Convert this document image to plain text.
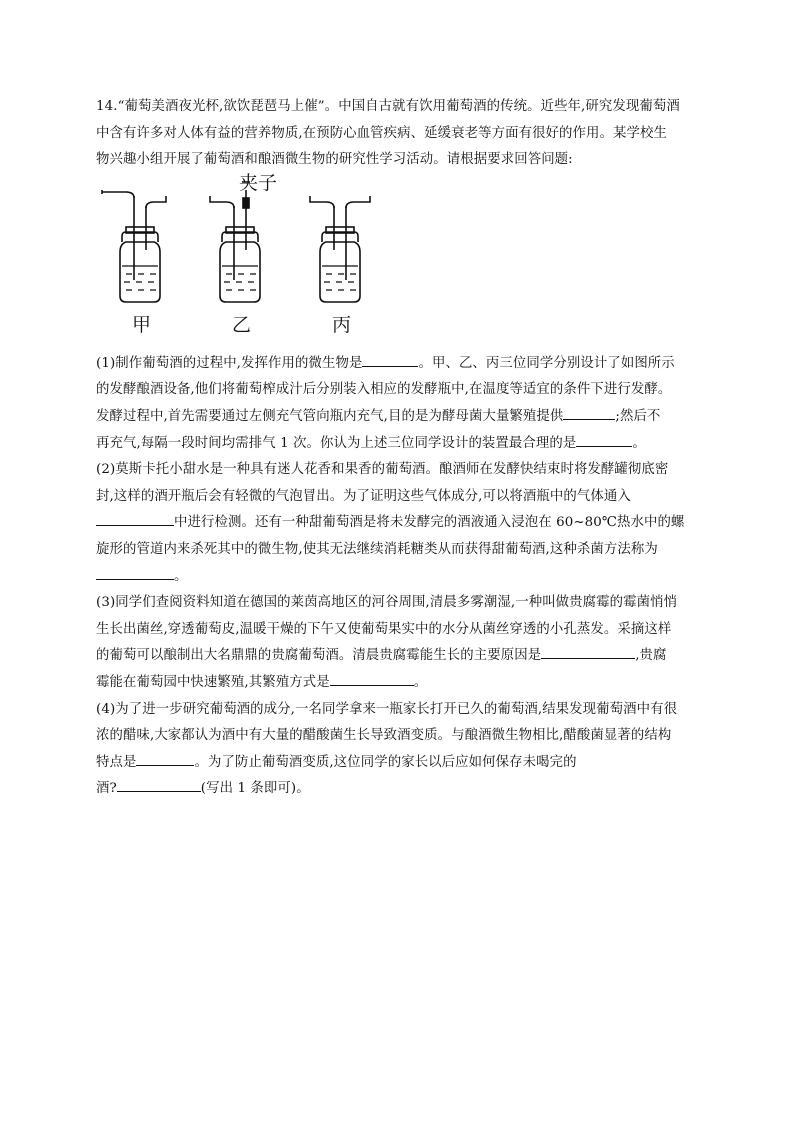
14.“葡萄美酒夜光杯,欲饮琵琶马上催”。中国自古就有饮用葡萄酒的传统。近些年,研究发现葡萄酒
中含有许多对人体有益的营养物质,在预防心血管疾病、延缓衰老等方面有很好的作用。某学校生
物兴趣小组开展了葡萄酒和酿酒微生物的研究性学习活动。请根据要求回答问题:

夹子
甲	乙	丙

(1)制作葡萄酒的过程中,发挥作用的微生物是	。甲、乙、丙三位同学分别设计了如图所示
的发酵酿酒设备,他们将葡萄榨成汁后分别装入相应的发酵瓶中,在温度等适宜的条件下进行发酵。
发酵过程中,首先需要通过左侧充气管向瓶内充气,目的是为酵母菌大量繁殖提供	;然后不
再充气,每隔一段时间均需排气 1 次。你认为上述三位同学设计的装置最合理的是	。

(2)莫斯卡托小甜水是一种具有迷人花香和果香的葡萄酒。酿酒师在发酵快结束时将发酵罐彻底密
封,这样的酒开瓶后会有轻微的气泡冒出。为了证明这些气体成分,可以将酒瓶中的气体通入
中进行检测。还有一种甜葡萄酒是将未发酵完的酒液通入浸泡在 60~80℃热水中的螺
旋形的管道内来杀死其中的微生物,使其无法继续消耗糖类从而获得甜葡萄酒,这种杀菌方法称为
。

(3)同学们查阅资料知道在德国的莱茵高地区的河谷周围,清晨多雾潮湿,一种叫做贵腐霉的霉菌悄悄
生长出菌丝,穿透葡萄皮,温暖干燥的下午又使葡萄果实中的水分从菌丝穿透的小孔蒸发。采摘这样
的葡萄可以酿制出大名鼎鼎的贵腐葡萄酒。清晨贵腐霉能生长的主要原因是	,贵腐
霉能在葡萄园中快速繁殖,其繁殖方式是	。

(4)为了进一步研究葡萄酒的成分,一名同学拿来一瓶家长打开已久的葡萄酒,结果发现葡萄酒中有很
浓的醋味,大家都认为酒中有大量的醋酸菌生长导致酒变质。与酿酒微生物相比,醋酸菌显著的结构
特点是	。为了防止葡萄酒变质,这位同学的家长以后应如何保存未喝完的
酒?	(写出 1 条即可)。
